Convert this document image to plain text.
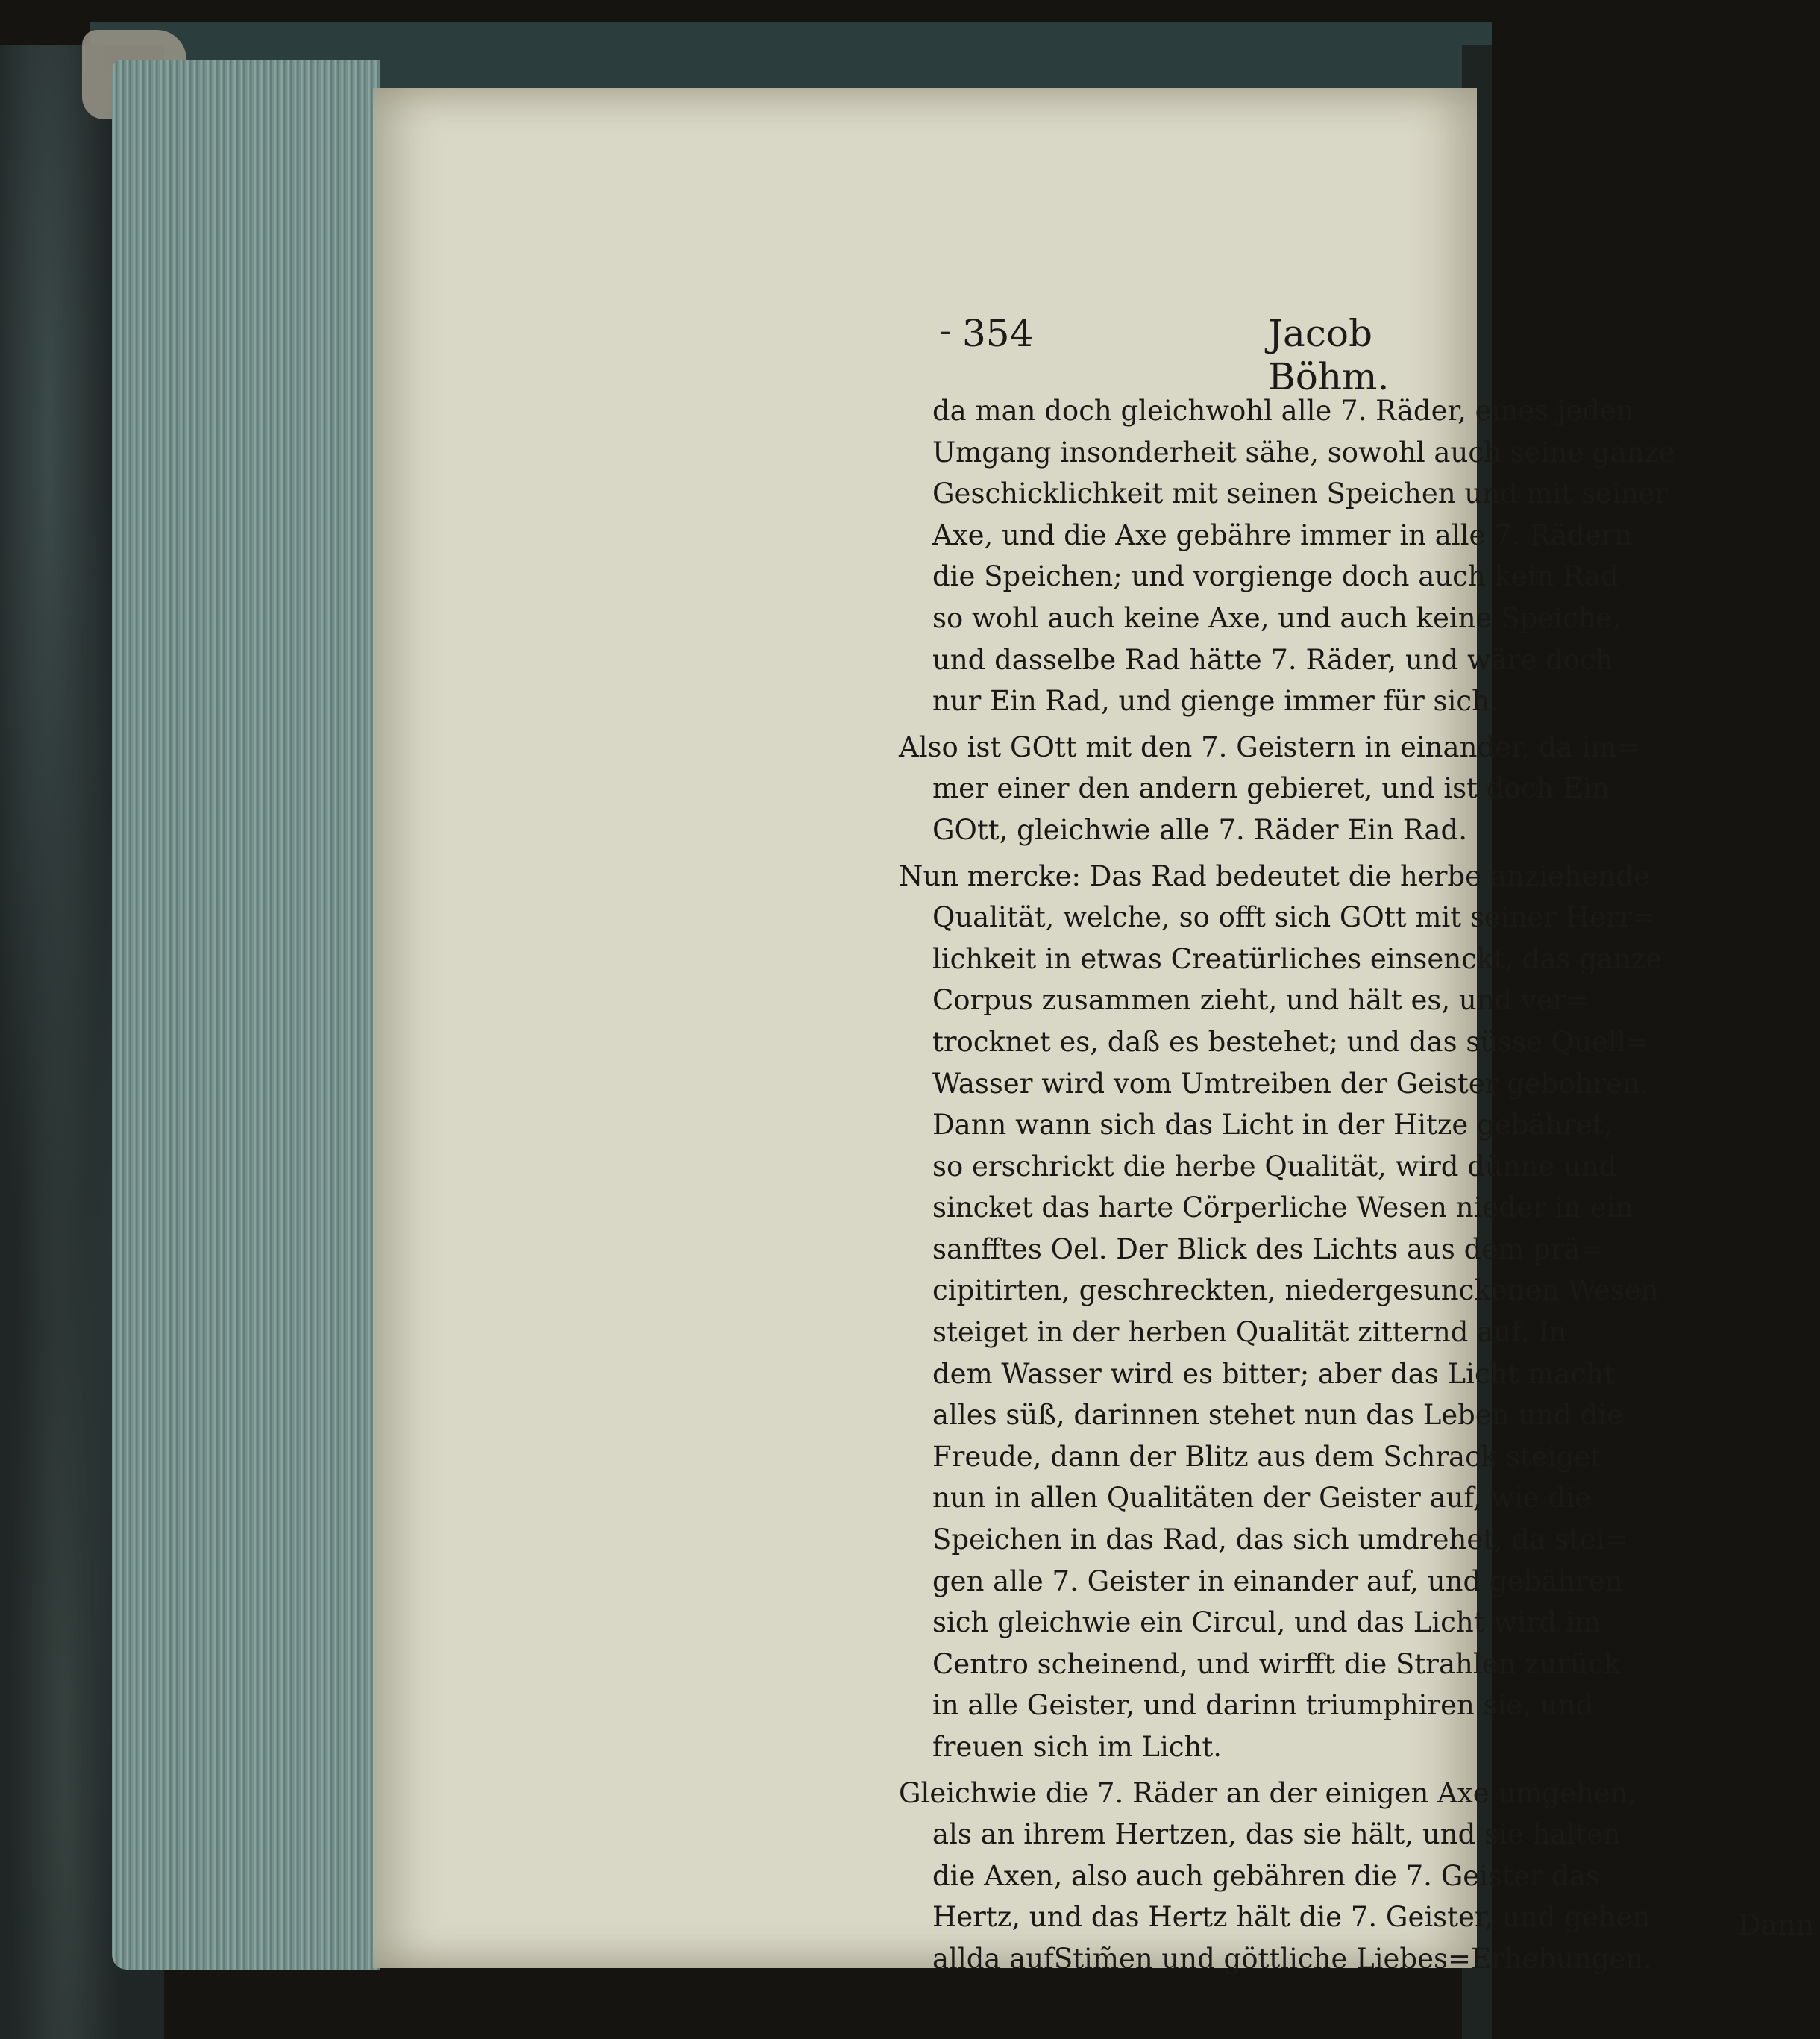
- 354	Jacob Böhm.
da man doch gleichwohl alle 7. Räder, eines jeden
Umgang insonderheit sähe, sowohl auch seine ganze
Geschicklichkeit mit seinen Speichen und mit seiner
Axe, und die Axe gebähre immer in alle 7. Rädern
die Speichen; und vorgienge doch auch kein Rad
so wohl auch keine Axe, und auch keine Speiche,
und dasselbe Rad hätte 7. Räder, und wäre doch
nur Ein Rad, und gienge immer für sich.
Also ist GOtt mit den 7. Geistern in einander, da im=
mer einer den andern gebieret, und ist doch Ein
GOtt, gleichwie alle 7. Räder Ein Rad.
Nun mercke: Das Rad bedeutet die herbe anziehende
Qualität, welche, so offt sich GOtt mit seiner Herr=
lichkeit in etwas Creatürliches einsenckt, das ganze
Corpus zusammen zieht, und hält es, und ver=
trocknet es, daß es bestehet; und das süsse Quell=
Wasser wird vom Umtreiben der Geister gebohren.
Dann wann sich das Licht in der Hitze gebähret,
so erschrickt die herbe Qualität, wird dünne und
sincket das harte Cörperliche Wesen nieder in ein
sanfftes Oel. Der Blick des Lichts aus dem prä=
cipitirten, geschreckten, niedergesunckenen Wesen
steiget in der herben Qualität zitternd auf. In
dem Wasser wird es bitter; aber das Licht macht
alles süß, darinnen stehet nun das Leben und die
Freude, dann der Blitz aus dem Schrack steiget
nun in allen Qualitäten der Geister auf, wie die
Speichen in das Rad, das sich umdrehet, da stei=
gen alle 7. Geister in einander auf, und gebähren
sich gleichwie ein Circul, und das Licht wird im
Centro scheinend, und wirfft die Strahlen zurück
in alle Geister, und darinn triumphiren sie, und
freuen sich im Licht.
Gleichwie die 7. Räder an der einigen Axe umgehen,
als an ihrem Hertzen, das sie hält, und sie halten
die Axen, also auch gebähren die 7. Geister das
Hertz, und das Hertz hält die 7. Geister, und gehen
allda aufStim̃en und göttliche Liebes=Erhebungen.
Dann
